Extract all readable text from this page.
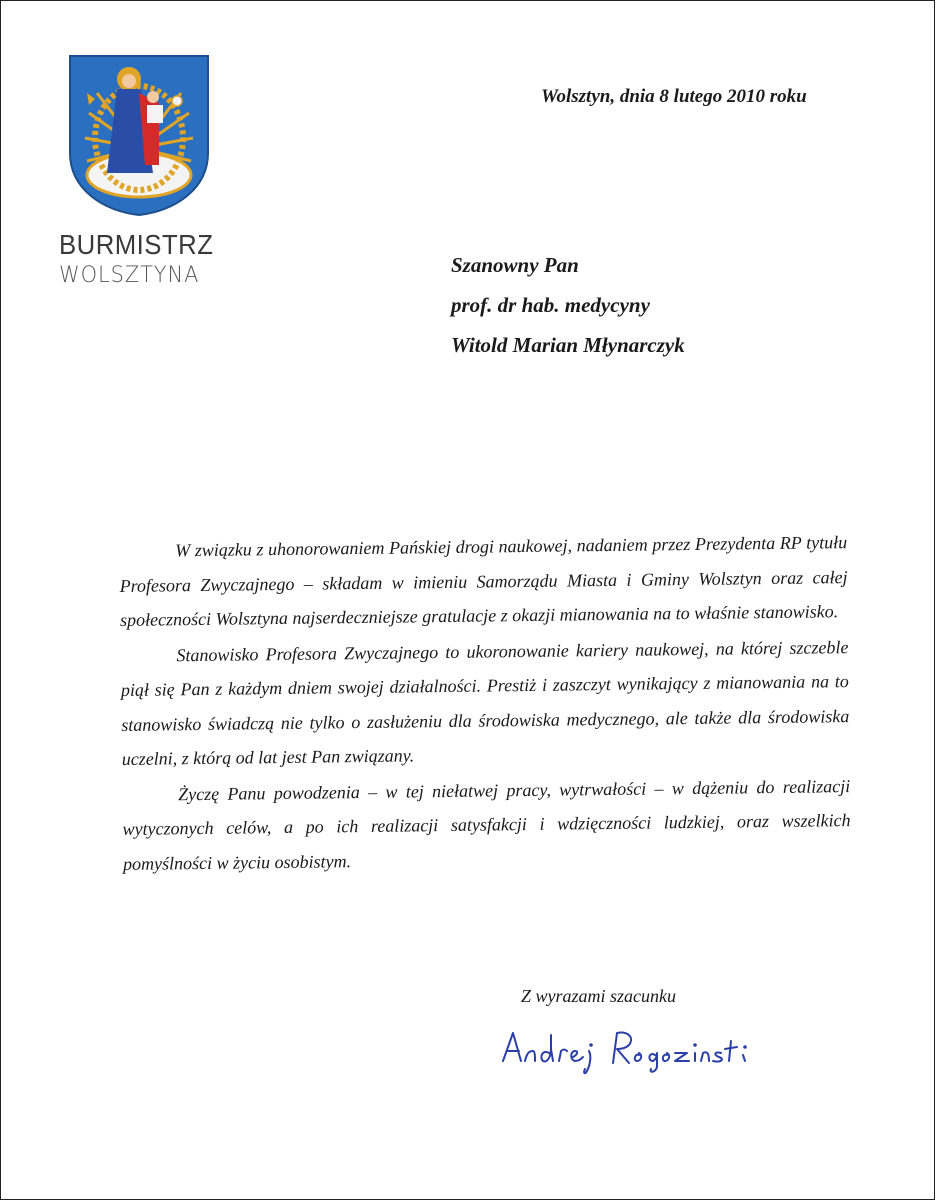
BURMISTRZ
WOLSZTYNA
Wolsztyn, dnia 8 lutego 2010 roku
Szanowny Pan
prof. dr hab. medycyny
Witold Marian Młynarczyk

W związku z uhonorowaniem Pańskiej drogi naukowej, nadaniem przez Prezydenta RP tytułu Profesora Zwyczajnego – składam w imieniu Samorządu Miasta i Gminy Wolsztyn oraz całej społeczności Wolsztyna najserdeczniejsze gratulacje z okazji mianowania na to właśnie stanowisko.

Stanowisko Profesora Zwyczajnego to ukoronowanie kariery naukowej, na której szczeble piął się Pan z każdym dniem swojej działalności. Prestiż i zaszczyt wynikający z mianowania na to stanowisko świadczą nie tylko o zasłużeniu dla środowiska medycznego, ale także dla środowiska uczelni, z którą od lat jest Pan związany.

Życzę Panu powodzenia – w tej niełatwej pracy, wytrwałości – w dążeniu do realizacji wytyczonych celów, a po ich realizacji satysfakcji i wdzięczności ludzkiej, oraz wszelkich pomyślności w życiu osobistym.

Z wyrazami szacunku
